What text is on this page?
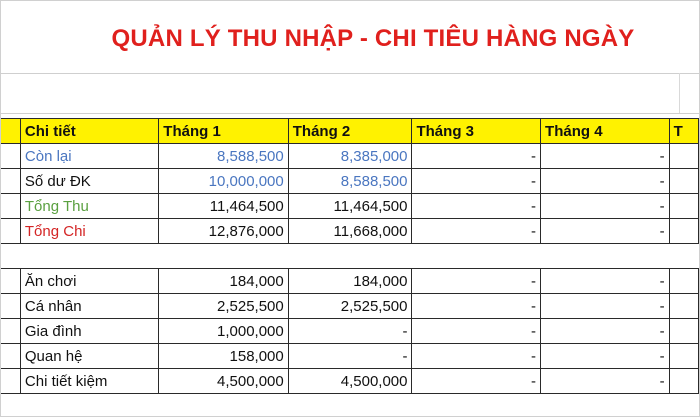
QUẢN LÝ THU NHẬP - CHI TIÊU HÀNG NGÀY
	Chi tiết	Tháng 1	Tháng 2	Tháng 3	Tháng 4	T
	Còn lại	8,588,500	8,385,000	-	-	
	Số dư ĐK	10,000,000	8,588,500	-	-	
	Tổng Thu	11,464,500	11,464,500	-	-	
	Tổng Chi	12,876,000	11,668,000	-	-	

	Ăn chơi	184,000	184,000	-	-	
	Cá nhân	2,525,500	2,525,500	-	-	
	Gia đình	1,000,000	-	-	-	
	Quan hệ	158,000	-	-	-	
	Chi tiết kiệm	4,500,000	4,500,000	-	-	
